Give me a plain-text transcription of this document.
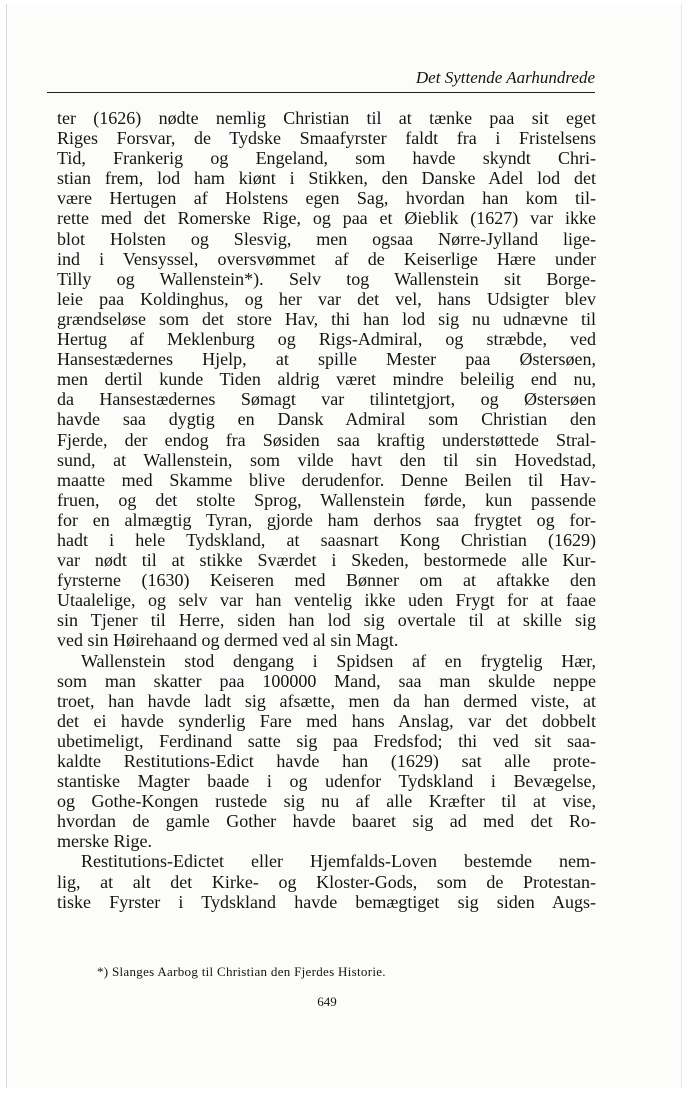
Det Syttende Aarhundrede
ter (1626) nødte nemlig Christian til at tænke paa sit eget
Riges Forsvar, de Tydske Smaafyrster faldt fra i Fristelsens
Tid, Frankerig og Engeland, som havde skyndt Chri-
stian frem, lod ham kiønt i Stikken, den Danske Adel lod det
være Hertugen af Holstens egen Sag, hvordan han kom til-
rette med det Romerske Rige, og paa et Øieblik (1627) var ikke
blot Holsten og Slesvig, men ogsaa Nørre-Jylland lige-
ind i Vensyssel, oversvømmet af de Keiserlige Hære under
Tilly og Wallenstein*). Selv tog Wallenstein sit Borge-
leie paa Koldinghus, og her var det vel, hans Udsigter blev
grændseløse som det store Hav, thi han lod sig nu udnævne til
Hertug af Meklenburg og Rigs-Admiral, og stræbde, ved
Hansestædernes Hjelp, at spille Mester paa Østersøen,
men dertil kunde Tiden aldrig været mindre beleilig end nu,
da Hansestædernes Sømagt var tilintetgjort, og Østersøen
havde saa dygtig en Dansk Admiral som Christian den
Fjerde, der endog fra Søsiden saa kraftig understøttede Stral-
sund, at Wallenstein, som vilde havt den til sin Hovedstad,
maatte med Skamme blive derudenfor. Denne Beilen til Hav-
fruen, og det stolte Sprog, Wallenstein førde, kun passende
for en almægtig Tyran, gjorde ham derhos saa frygtet og for-
hadt i hele Tydskland, at saasnart Kong Christian (1629)
var nødt til at stikke Sværdet i Skeden, bestormede alle Kur-
fyrsterne (1630) Keiseren med Bønner om at aftakke den
Utaalelige, og selv var han ventelig ikke uden Frygt for at faae
sin Tjener til Herre, siden han lod sig overtale til at skille sig
ved sin Høirehaand og dermed ved al sin Magt.
Wallenstein stod dengang i Spidsen af en frygtelig Hær,
som man skatter paa 100000 Mand, saa man skulde neppe
troet, han havde ladt sig afsætte, men da han dermed viste, at
det ei havde synderlig Fare med hans Anslag, var det dobbelt
ubetimeligt, Ferdinand satte sig paa Fredsfod; thi ved sit saa-
kaldte Restitutions-Edict havde han (1629) sat alle prote-
stantiske Magter baade i og udenfor Tydskland i Bevægelse,
og Gothe-Kongen rustede sig nu af alle Kræfter til at vise,
hvordan de gamle Gother havde baaret sig ad med det Ro-
merske Rige.
Restitutions-Edictet eller Hjemfalds-Loven bestemde nem-
lig, at alt det Kirke- og Kloster-Gods, som de Protestan-
tiske Fyrster i Tydskland havde bemægtiget sig siden Augs-
*) Slanges Aarbog til Christian den Fjerdes Historie.
649
